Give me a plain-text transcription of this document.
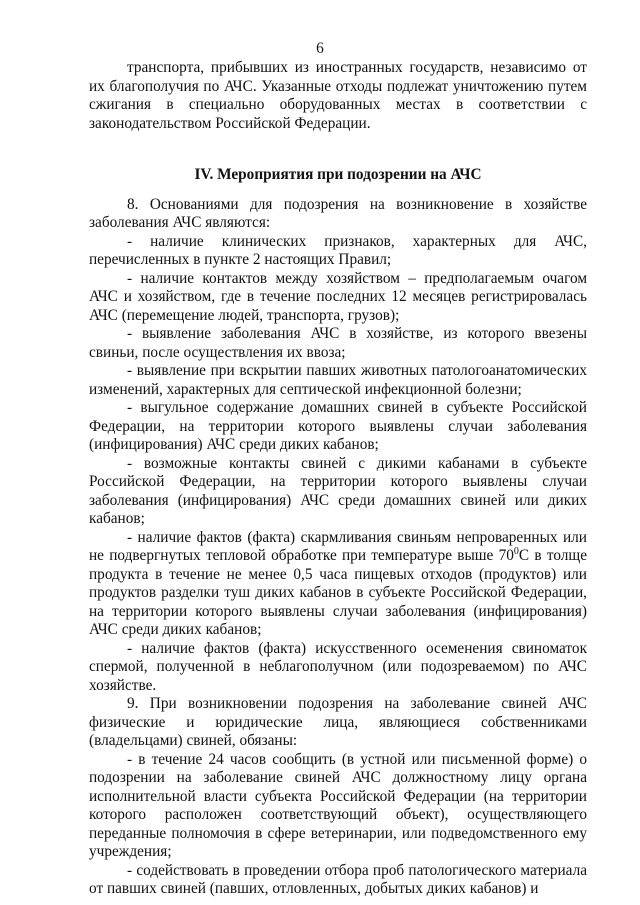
6

транспорта, прибывших из иностранных государств, независимо от их благополучия по АЧС. Указанные отходы подлежат уничтожению путем сжигания в специально оборудованных местах в соответствии с законодательством Российской Федерации.

IV. Мероприятия при подозрении на АЧС

8. Основаниями для подозрения на возникновение в хозяйстве заболевания АЧС являются:

- наличие клинических признаков, характерных для АЧС, перечисленных в пункте 2 настоящих Правил;

- наличие контактов между хозяйством – предполагаемым очагом АЧС и хозяйством, где в течение последних 12 месяцев регистрировалась АЧС (перемещение людей, транспорта, грузов);

- выявление заболевания АЧС в хозяйстве, из которого ввезены свиньи, после осуществления их ввоза;

- выявление при вскрытии павших животных патологоанатомических изменений, характерных для септической инфекционной болезни;

- выгульное содержание домашних свиней в субъекте Российской Федерации, на территории которого выявлены случаи заболевания (инфицирования) АЧС среди диких кабанов;

- возможные контакты свиней с дикими кабанами в субъекте Российской Федерации, на территории которого выявлены случаи заболевания (инфицирования) АЧС среди домашних свиней или диких кабанов;

- наличие фактов (факта) скармливания свиньям непроваренных или не подвергнутых тепловой обработке при температуре выше $70^0С$ в толще продукта в течение не менее 0,5 часа пищевых отходов (продуктов) или продуктов разделки туш диких кабанов в субъекте Российской Федерации, на территории которого выявлены случаи заболевания (инфицирования) АЧС среди диких кабанов;

- наличие фактов (факта) искусственного осеменения свиноматок спермой, полученной в неблагополучном (или подозреваемом) по АЧС хозяйстве.

9. При возникновении подозрения на заболевание свиней АЧС физические и юридические лица, являющиеся собственниками (владельцами) свиней, обязаны:

- в течение 24 часов сообщить (в устной или письменной форме) о подозрении на заболевание свиней АЧС должностному лицу органа исполнительной власти субъекта Российской Федерации (на территории которого расположен соответствующий объект), осуществляющего переданные полномочия в сфере ветеринарии, или подведомственного ему учреждения;

- содействовать в проведении отбора проб патологического материала от павших свиней (павших, отловленных, добытых диких кабанов) и
